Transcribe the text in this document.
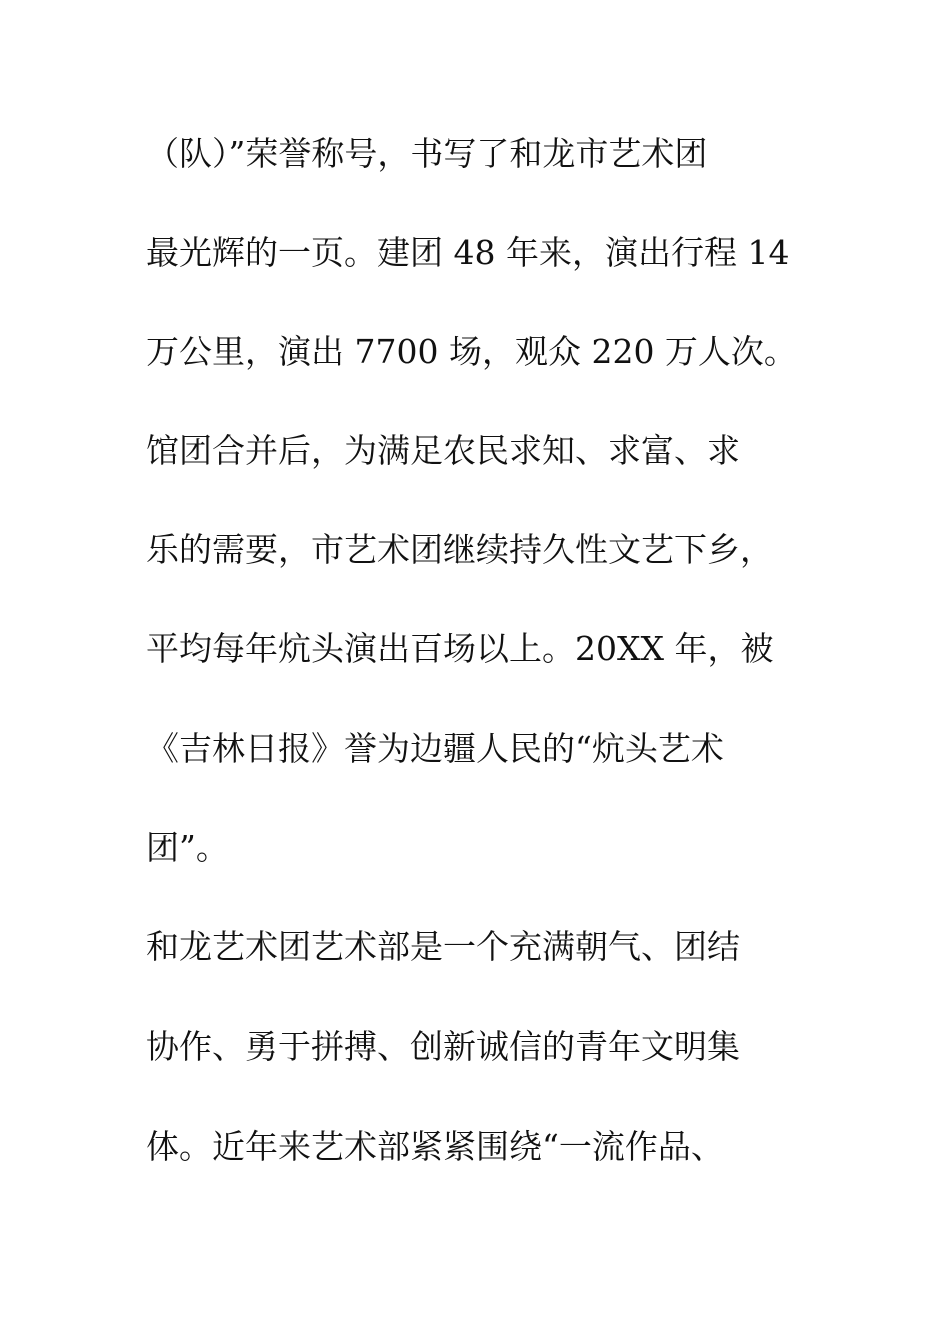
（队）”荣誉称号，书写了和龙市艺术团
最光辉的一页。建团 48 年来，演出行程 14
万公里，演出 7700 场，观众 220 万人次。
馆团合并后，为满足农民求知、求富、求
乐的需要，市艺术团继续持久性文艺下乡，
平均每年炕头演出百场以上。20XX 年，被
《吉林日报》誉为边疆人民的“炕头艺术
团”。
和龙艺术团艺术部是一个充满朝气、团结
协作、勇于拼搏、创新诚信的青年文明集
体。近年来艺术部紧紧围绕“一流作品、
